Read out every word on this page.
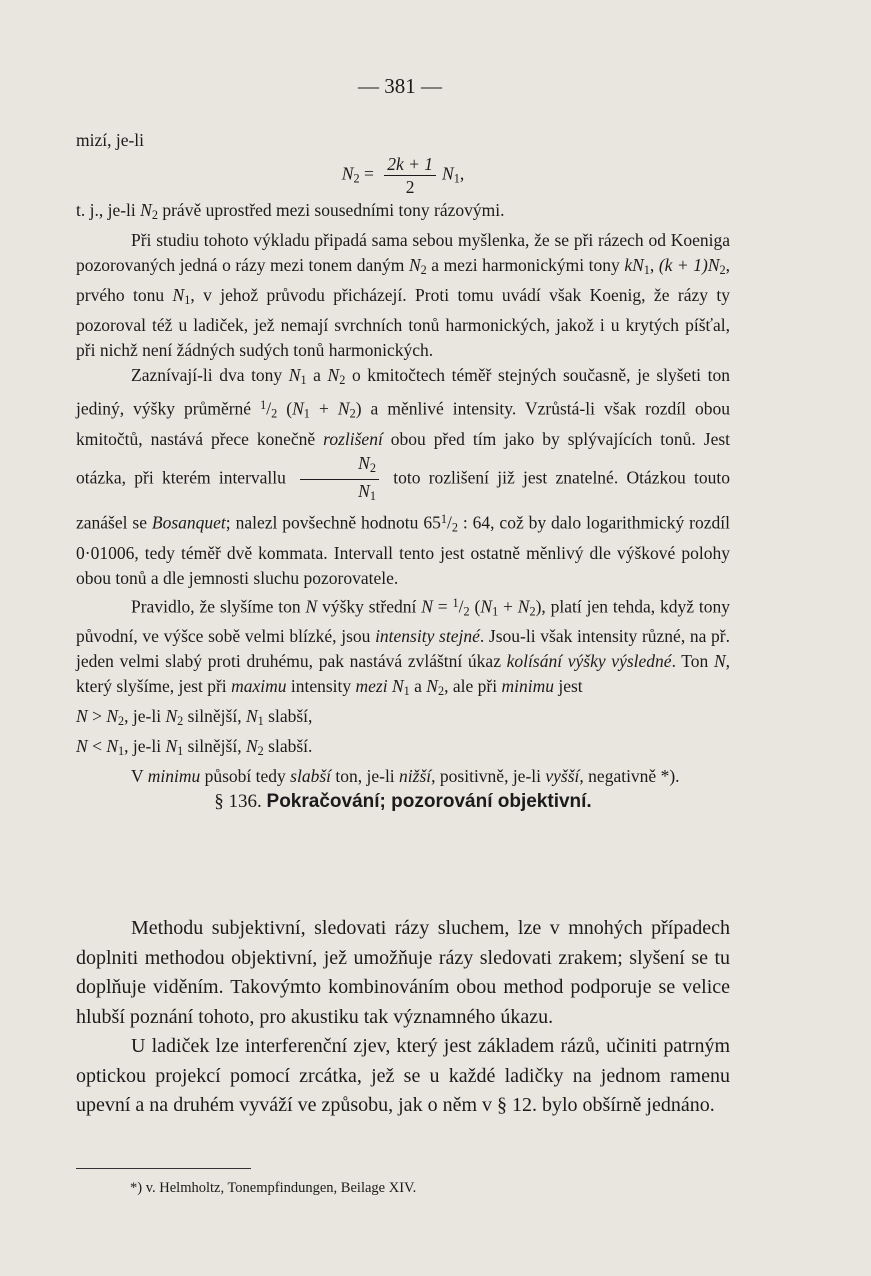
— 381 —

mizí, je-li

$N_2 = \frac{2k + 1}{2} N_1$,

t. j., je-li $N_2$ právě uprostřed mezi sousedními tony rázovými.

Při studiu tohoto výkladu připadá sama sebou myšlenka, že se při rázech od Koeniga pozorovaných jedná o rázy mezi tonem daným $N_2$ a mezi harmonickými tony $kN_1$, $(k + 1)N_2$, prvého tonu $N_1$, v jehož průvodu přicházejí. Proti tomu uvádí však Koenig, že rázy ty pozoroval též u ladiček, jež nemají svrchních tonů harmonických, jakož i u krytých píšťal, při nichž není žádných sudých tonů harmonických.

Zaznívají-li dva tony $N_1$ a $N_2$ o kmitočtech téměř stejných současně, je slyšeti ton jediný, výšky průměrné $^1/_2$ $(N_1 + N_2)$ a měnlivé intensity. Vzrůstá-li však rozdíl obou kmitočtů, nastává přece konečně rozlišení obou před tím jako by splývajících tonů. Jest otázka, při kterém intervallu $\frac{N_2}{N_1}$ toto rozlišení již jest znatelné. Otázkou touto zanášel se Bosanquet; nalezl povšechně hodnotu $65^1/_2$ : 64, což by dalo logarithmický rozdíl 0·01006, tedy téměř dvě kommata. Intervall tento jest ostatně měnlivý dle výškové polohy obou tonů a dle jemnosti sluchu pozorovatele.

Pravidlo, že slyšíme ton N výšky střední $N = ^1/_2$ $(N_1 + N_2)$, platí jen tehda, když tony původní, ve výšce sobě velmi blízké, jsou intensity stejné. Jsou-li však intensity různé, na př. jeden velmi slabý proti druhému, pak nastává zvláštní úkaz kolísání výšky výsledné. Ton N, který slyšíme, jest při maximu intensity mezi $N_1$ a $N_2$, ale při minimu jest

$N > N_2$, je-li $N_2$ silnější, $N_1$ slabší,

$N < N_1$, je-li $N_1$ silnější, $N_2$ slabší.

V minimu působí tedy slabší ton, je-li nižší, positivně, je-li vyšší, negativně *).

§ 136. Pokračování; pozorování objektivní.

Methodu subjektivní, sledovati rázy sluchem, lze v mnohých případech doplniti methodou objektivní, jež umožňuje rázy sledovati zrakem; slyšení se tu doplňuje viděním. Takovýmto kombinováním obou method podporuje se velice hlubší poznání tohoto, pro akustiku tak významného úkazu.

U ladiček lze interferenční zjev, který jest základem rázů, učiniti patrným optickou projekcí pomocí zrcátka, jež se u každé ladičky na jednom ramenu upevní a na druhém vyváží ve způsobu, jak o něm v § 12. bylo obšírně jednáno.

*) v. Helmholtz, Tonempfindungen, Beilage XIV.
